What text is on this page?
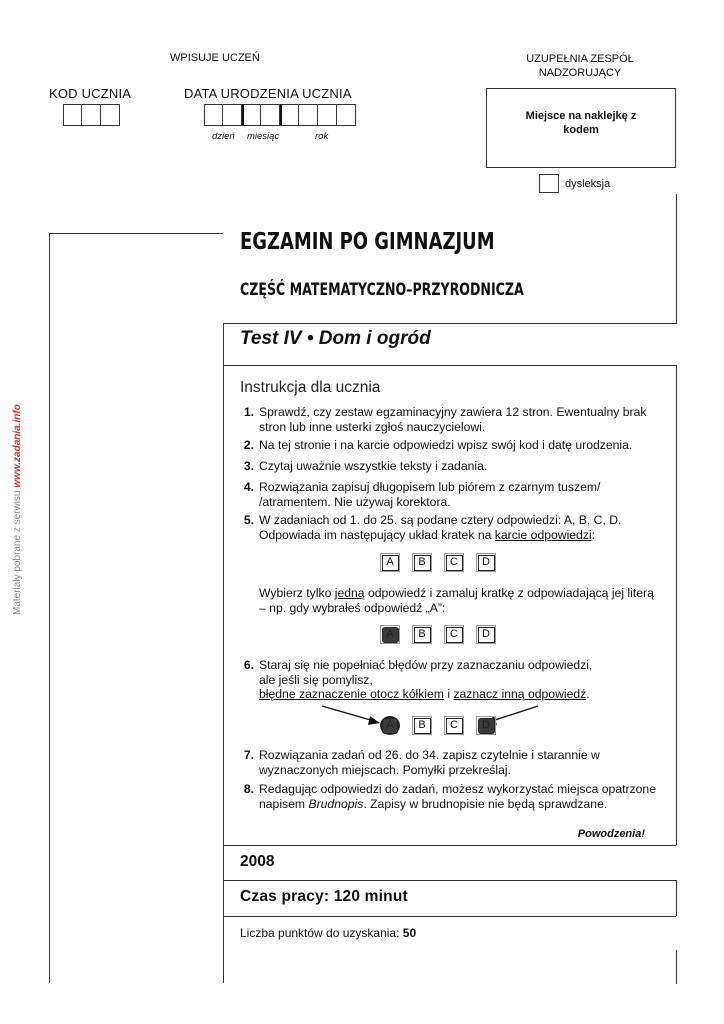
WPISUJE UCZEŃ	UZUPEŁNIA ZESPÓŁ NADZORUJĄCY
KOD UCZNIA	DATA URODZENIA UCZNIA
dzień miesiąc	rok
Miejsce na naklejkę z kodem
dysleksja
Materiały pobrane z serwisu www.zadania.info
EGZAMIN PO GIMNAZJUM
CZĘŚĆ MATEMATYCZNO–PRZYRODNICZA
Test IV • Dom i ogród
Instrukcja dla ucznia
1. Sprawdź, czy zestaw egzaminacyjny zawiera 12 stron. Ewentualny brak stron lub inne usterki zgłoś nauczycielowi.
2. Na tej stronie i na karcie odpowiedzi wpisz swój kod i datę urodzenia.
3. Czytaj uważnie wszystkie teksty i zadania.
4. Rozwiązania zapisuj długopisem lub piórem z czarnym tuszem/ /atramentem. Nie używaj korektora.
5. W zadaniach od 1. do 25. są podane cztery odpowiedzi: A, B, C, D. Odpowiada im następujący układ kratek na karcie odpowiedzi:
A	B	C	D
Wybierz tylko jedną odpowiedź i zamaluj kratkę z odpowiadającą jej literą – np. gdy wybrałeś odpowiedź „A”:
A	B	C	D
6. Staraj się nie popełniać błędów przy zaznaczaniu odpowiedzi,
ale jeśli się pomylisz,
błędne zaznaczenie otocz kółkiem i zaznacz inną odpowiedź.
A	B	C	D
7. Rozwiązania zadań od 26. do 34. zapisz czytelnie i starannie w wyznaczonych miejscach. Pomyłki przekreślaj.
8. Redagując odpowiedzi do zadań, możesz wykorzystać miejsca opatrzone napisem Brudnopis. Zapisy w brudnopisie nie będą sprawdzane.
Powodzenia!
2008
Czas pracy: 120 minut
Liczba punktów do uzyskania: 50
